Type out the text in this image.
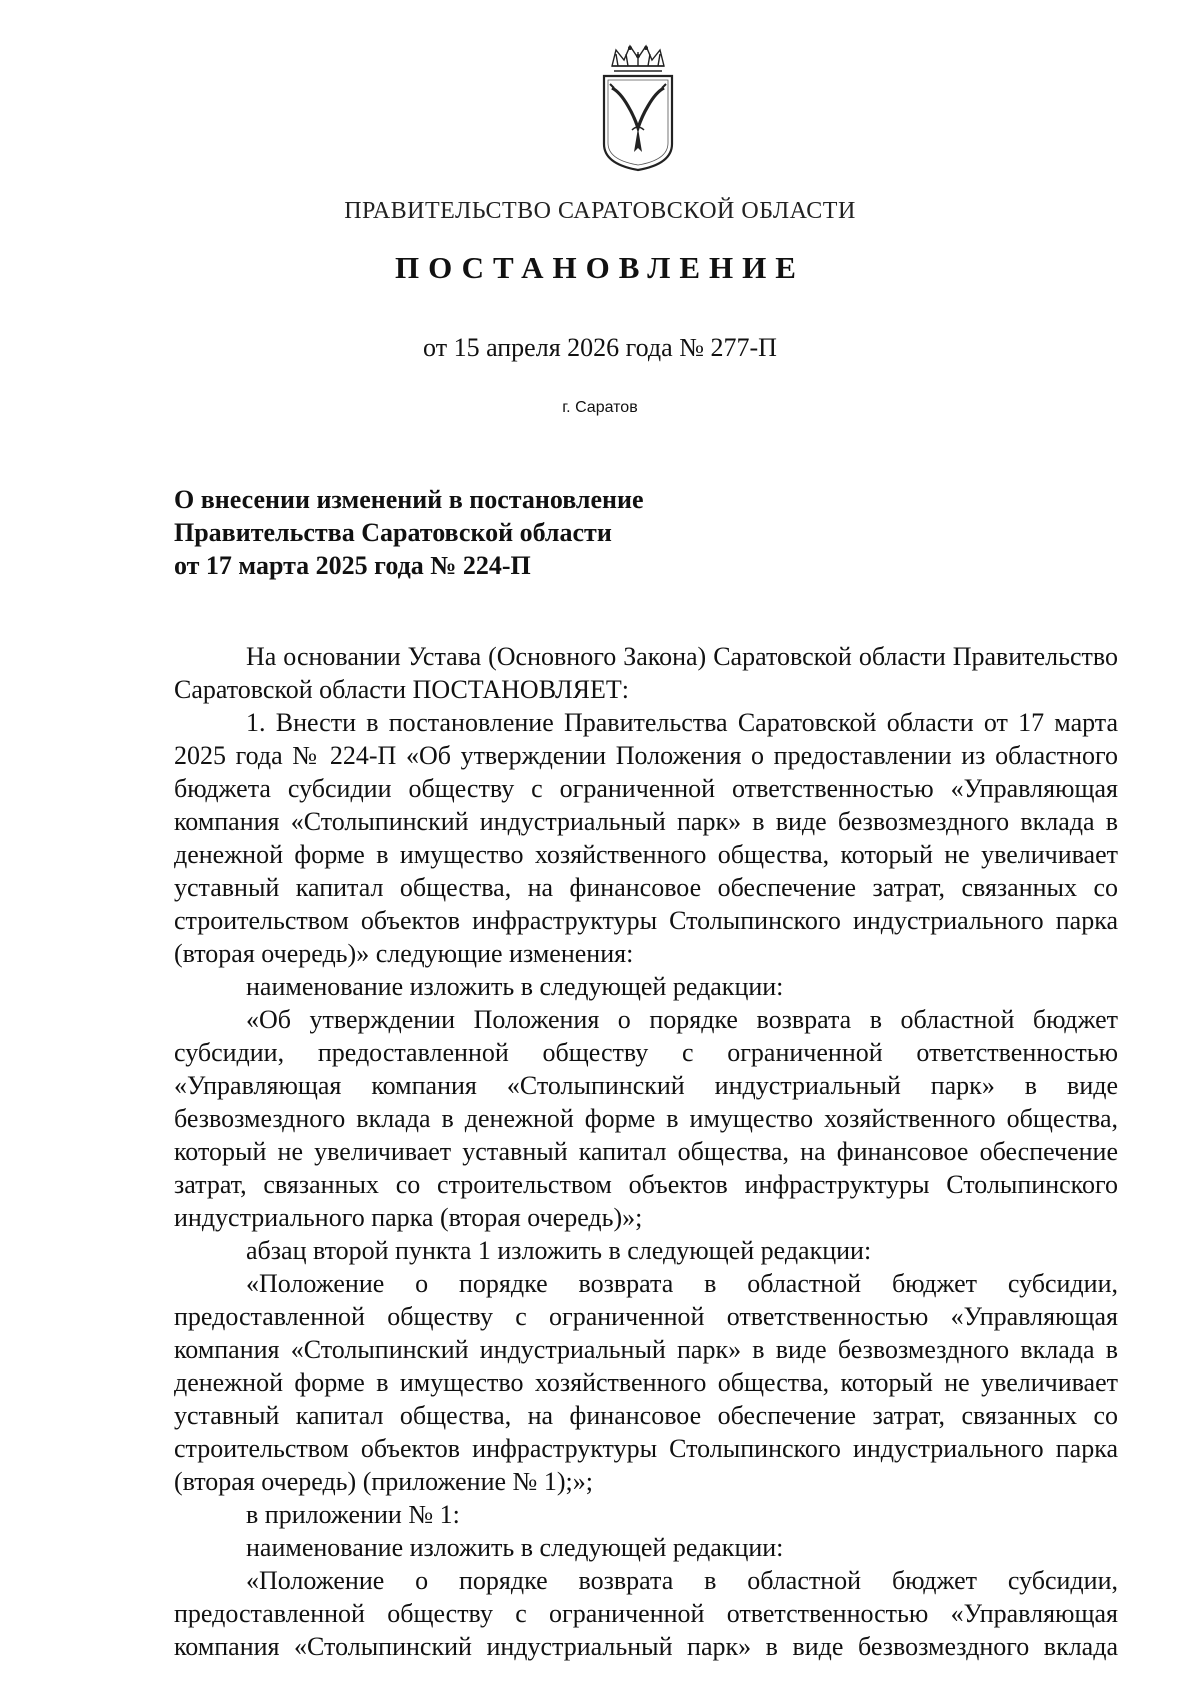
ПРАВИТЕЛЬСТВО САРАТОВСКОЙ ОБЛАСТИ
ПОСТАНОВЛЕНИЕ
от 15 апреля 2026 года № 277-П
г. Саратов
О внесении изменений в постановление
Правительства Саратовской области
от 17 марта 2025 года № 224-П

На основании Устава (Основного Закона) Саратовской области Правительство Саратовской области ПОСТАНОВЛЯЕТ:

1. Внести в постановление Правительства Саратовской области от 17 марта 2025 года № 224-П «Об утверждении Положения о предоставлении из областного бюджета субсидии обществу с ограниченной ответственностью «Управляющая компания «Столыпинский индустриальный парк» в виде безвозмездного вклада в денежной форме в имущество хозяйственного общества, который не увеличивает уставный капитал общества, на финансовое обеспечение затрат, связанных со строительством объектов инфраструктуры Столыпинского индустриального парка (вторая очередь)» следующие изменения:

наименование изложить в следующей редакции:

«Об утверждении Положения о порядке возврата в областной бюджет субсидии, предоставленной обществу с ограниченной ответственностью «Управляющая компания «Столыпинский индустриальный парк» в виде безвозмездного вклада в денежной форме в имущество хозяйственного общества, который не увеличивает уставный капитал общества, на финансовое обеспечение затрат, связанных со строительством объектов инфраструктуры Столыпинского индустриального парка (вторая очередь)»;

абзац второй пункта 1 изложить в следующей редакции:

«Положение о порядке возврата в областной бюджет субсидии, предоставленной обществу с ограниченной ответственностью «Управляющая компания «Столыпинский индустриальный парк» в виде безвозмездного вклада в денежной форме в имущество хозяйственного общества, который не увеличивает уставный капитал общества, на финансовое обеспечение затрат, связанных со строительством объектов инфраструктуры Столыпинского индустриального парка (вторая очередь) (приложение № 1);»;

в приложении № 1:

наименование изложить в следующей редакции:

«Положение о порядке возврата в областной бюджет субсидии, предоставленной обществу с ограниченной ответственностью «Управляющая компания «Столыпинский индустриальный парк» в виде безвозмездного вклада
